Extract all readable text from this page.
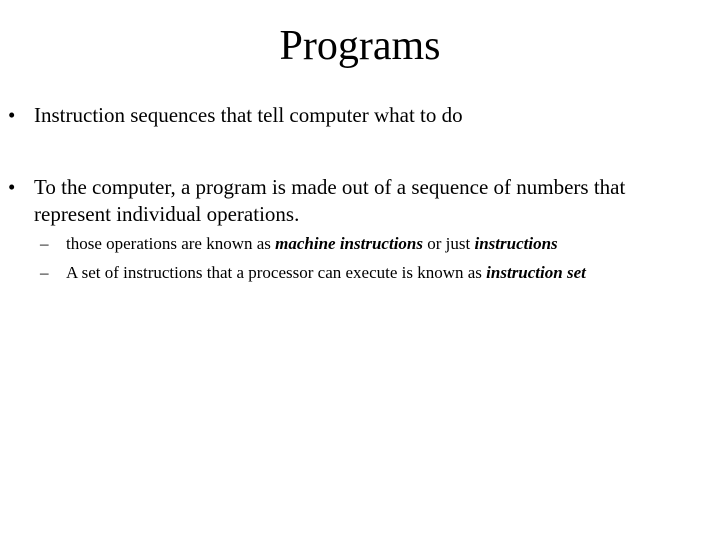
Programs
• Instruction sequences that tell computer what to do
• To the computer, a program is made out of a sequence of numbers that
represent individual operations.
– those operations are known as machine instructions or just instructions
– A set of instructions that a processor can execute is known as instruction set
